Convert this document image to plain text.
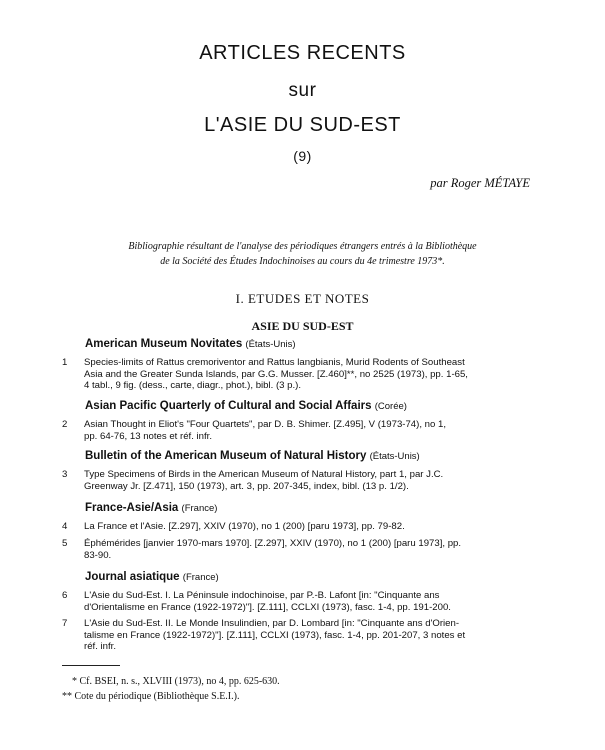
ARTICLES RECENTS
sur
L'ASIE DU SUD-EST
(9)
par Roger MÉTAYE
Bibliographie résultant de l'analyse des périodiques étrangers entrés à la Bibliothèque
de la Société des Études Indochinoises au cours du 4e trimestre 1973*.
I. ETUDES ET NOTES
ASIE DU SUD-EST
American Museum Novitates (États-Unis)
1	Species-limits of Rattus cremoriventor and Rattus langbianis, Murid Rodents of Southeast
Asia and the Greater Sunda Islands, par G.G. Musser. [Z.460]**, no 2525 (1973), pp. 1-65,
4 tabl., 9 fig. (dess., carte, diagr., phot.), bibl. (3 p.).
Asian Pacific Quarterly of Cultural and Social Affairs (Corée)
2	Asian Thought in Eliot's "Four Quartets", par D. B. Shimer. [Z.495], V (1973-74), no 1,
pp. 64-76, 13 notes et réf. infr.
Bulletin of the American Museum of Natural History (États-Unis)
3	Type Specimens of Birds in the American Museum of Natural History, part 1, par J.C.
Greenway Jr. [Z.471], 150 (1973), art. 3, pp. 207-345, index, bibl. (13 p. 1/2).
France-Asie/Asia (France)
4	La France et l'Asie. [Z.297], XXIV (1970), no 1 (200) [paru 1973], pp. 79-82.
5	Éphémérides [janvier 1970-mars 1970]. [Z.297], XXIV (1970), no 1 (200) [paru 1973], pp.
83-90.
Journal asiatique (France)
6	L'Asie du Sud-Est. I. La Péninsule indochinoise, par P.-B. Lafont [in: "Cinquante ans
d'Orientalisme en France (1922-1972)"]. [Z.111], CCLXI (1973), fasc. 1-4, pp. 191-200.
7	L'Asie du Sud-Est. II. Le Monde Insulindien, par D. Lombard [in: "Cinquante ans d'Orien-
talisme en France (1922-1972)"]. [Z.111], CCLXI (1973), fasc. 1-4, pp. 201-207, 3 notes et
réf. infr.
* Cf. BSEI, n. s., XLVIII (1973), no 4, pp. 625-630.
** Cote du périodique (Bibliothèque S.E.I.).
